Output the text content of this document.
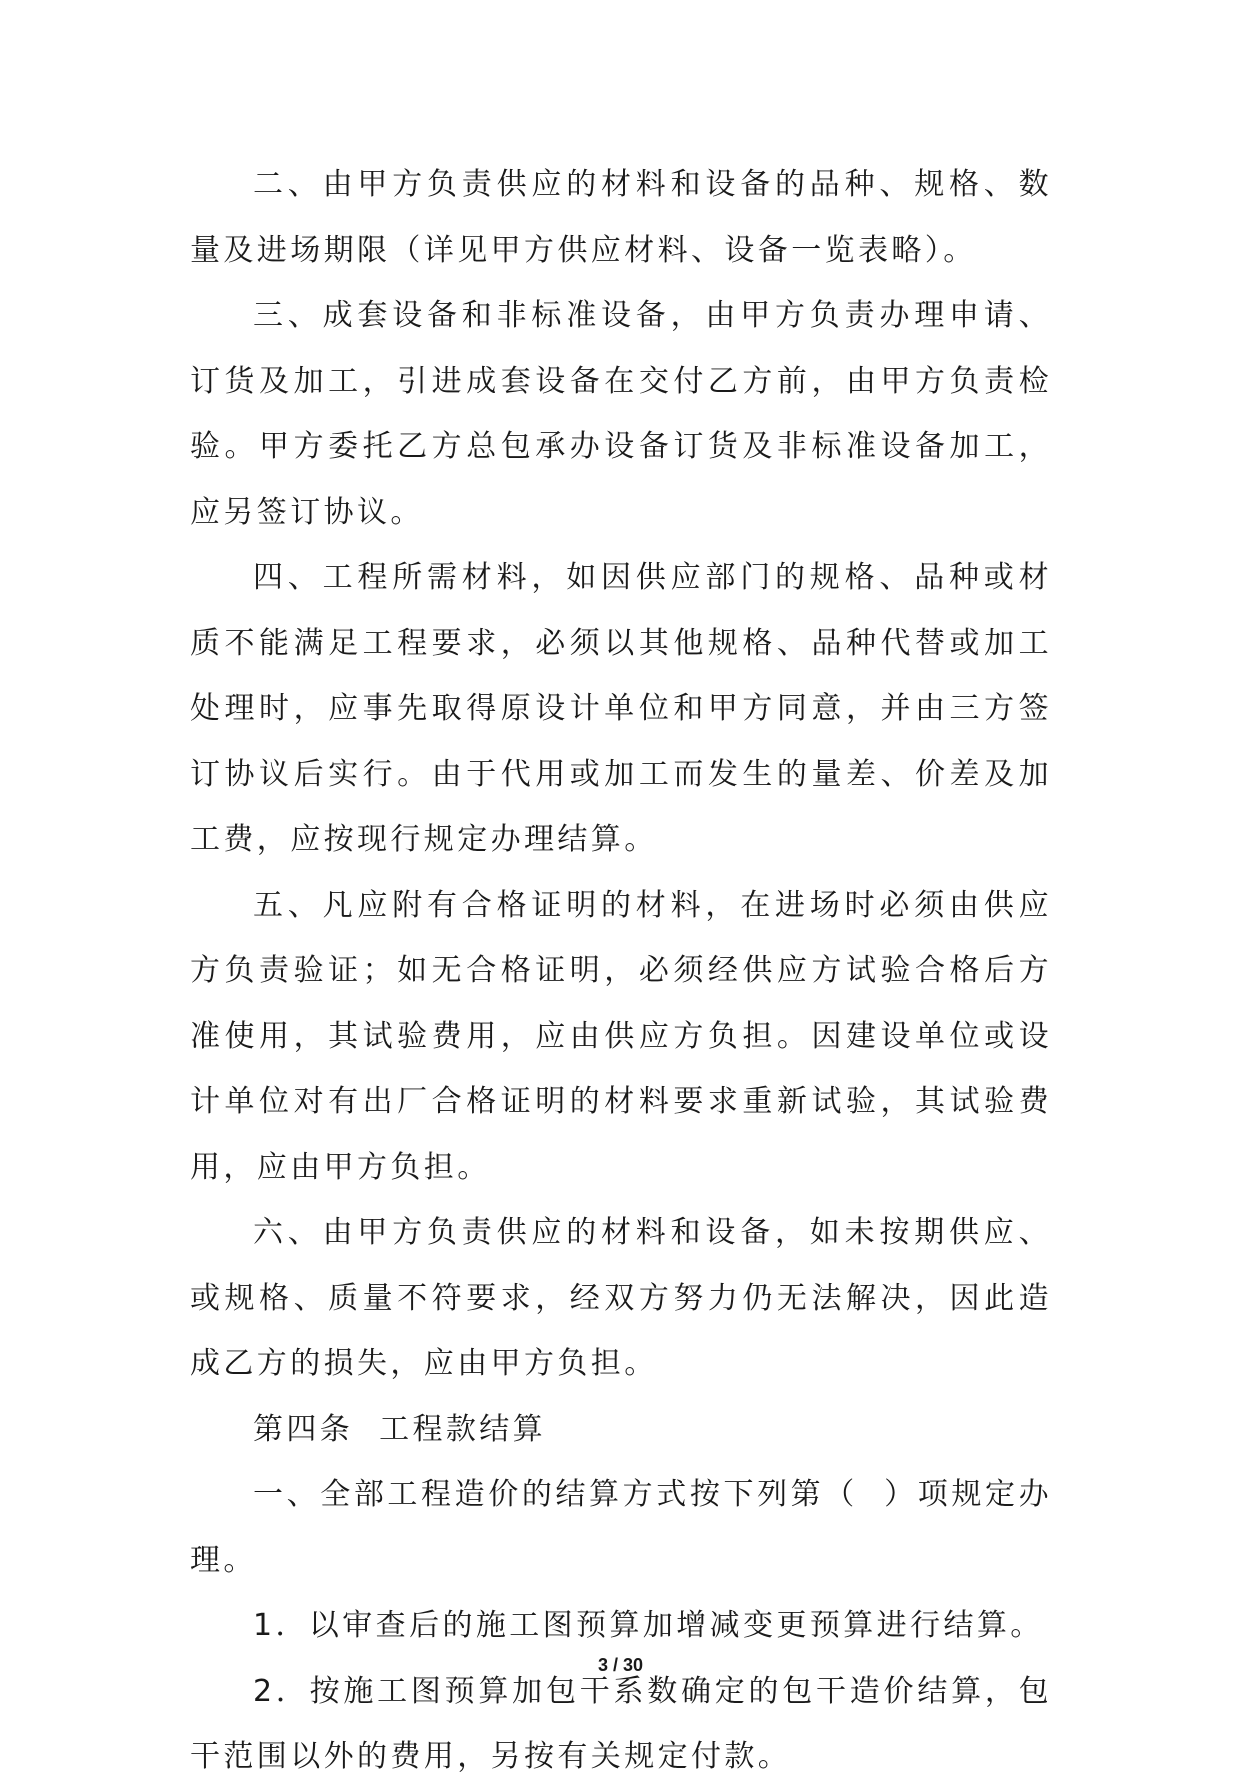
二、由甲方负责供应的材料和设备的品种、规格、数量及进场期限（详见甲方供应材料、设备一览表略）。

三、成套设备和非标准设备，由甲方负责办理申请、订货及加工，引进成套设备在交付乙方前，由甲方负责检验。甲方委托乙方总包承办设备订货及非标准设备加工，应另签订协议。

四、工程所需材料，如因供应部门的规格、品种或材质不能满足工程要求，必须以其他规格、品种代替或加工处理时，应事先取得原设计单位和甲方同意，并由三方签订协议后实行。由于代用或加工而发生的量差、价差及加工费，应按现行规定办理结算。

五、凡应附有合格证明的材料，在进场时必须由供应方负责验证；如无合格证明，必须经供应方试验合格后方准使用，其试验费用，应由供应方负担。因建设单位或设计单位对有出厂合格证明的材料要求重新试验，其试验费用，应由甲方负担。

六、由甲方负责供应的材料和设备，如未按期供应、或规格、质量不符要求，经双方努力仍无法解决，因此造成乙方的损失，应由甲方负担。

第四条  工程款结算

一、全部工程造价的结算方式按下列第（  ）项规定办理。

1．以审查后的施工图预算加增减变更预算进行结算。

2．按施工图预算加包干系数确定的包干造价结算，包干范围以外的费用，另按有关规定付款。

3 / 30
